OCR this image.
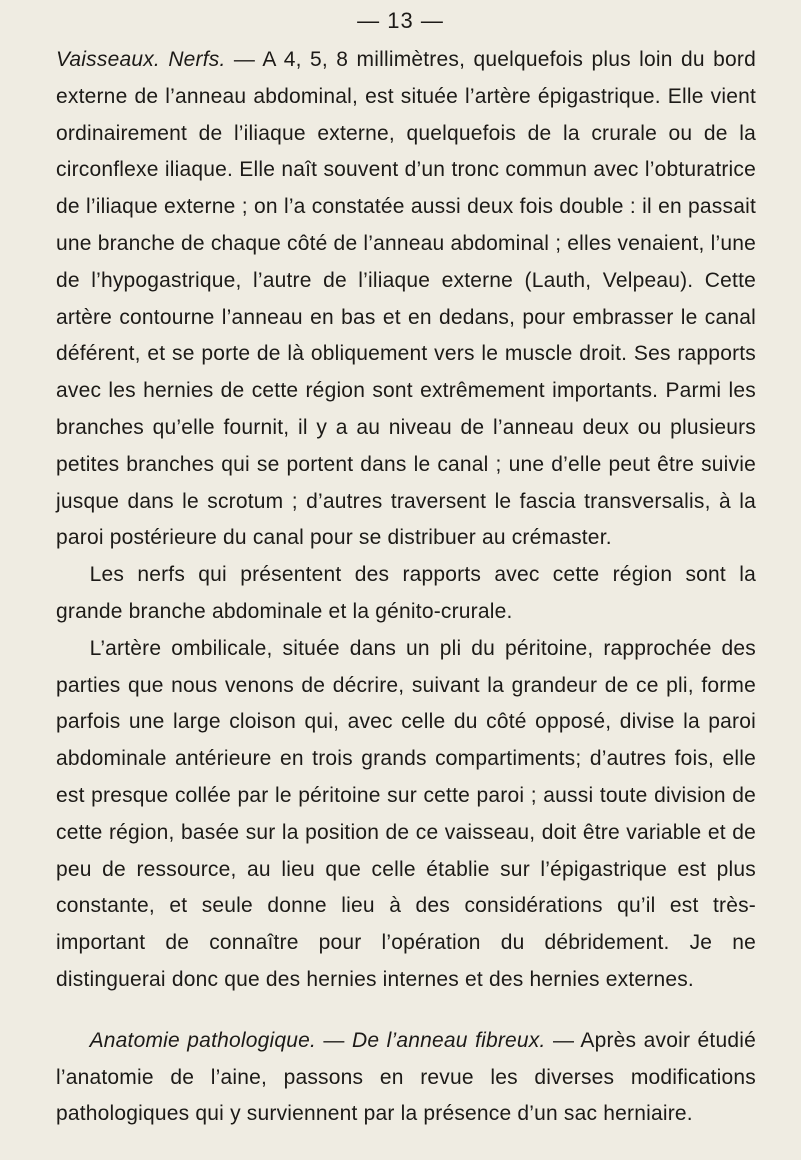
— 13 —

Vaisseaux. Nerfs. — A 4, 5, 8 millimètres, quelquefois plus loin du bord externe de l’anneau abdominal, est située l’artère épigastrique. Elle vient ordinairement de l’iliaque externe, quelquefois de la crurale ou de la circonflexe iliaque. Elle naît souvent d’un tronc commun avec l’obturatrice de l’iliaque externe ; on l’a constatée aussi deux fois double : il en passait une branche de chaque côté de l’anneau abdominal ; elles venaient, l’une de l’hypogastrique, l’autre de l’iliaque externe (Lauth, Velpeau). Cette artère contourne l’anneau en bas et en dedans, pour embrasser le canal déférent, et se porte de là obliquement vers le muscle droit. Ses rapports avec les hernies de cette région sont extrêmement importants. Parmi les branches qu’elle fournit, il y a au niveau de l’anneau deux ou plusieurs petites branches qui se portent dans le canal ; une d’elle peut être suivie jusque dans le scrotum ; d’autres traversent le fascia transversalis, à la paroi postérieure du canal pour se distribuer au crémaster.

Les nerfs qui présentent des rapports avec cette région sont la grande branche abdominale et la génito-crurale.

L’artère ombilicale, située dans un pli du péritoine, rapprochée des parties que nous venons de décrire, suivant la grandeur de ce pli, forme parfois une large cloison qui, avec celle du côté opposé, divise la paroi abdominale antérieure en trois grands compartiments; d’autres fois, elle est presque collée par le péritoine sur cette paroi ; aussi toute division de cette région, basée sur la position de ce vaisseau, doit être variable et de peu de ressource, au lieu que celle établie sur l’épigastrique est plus constante, et seule donne lieu à des considérations qu’il est très-important de connaître pour l’opération du débridement. Je ne distinguerai donc que des hernies internes et des hernies externes.

Anatomie pathologique. — De l’anneau fibreux. — Après avoir étudié l’anatomie de l’aine, passons en revue les diverses modifications pathologiques qui y surviennent par la présence d’un sac herniaire.
